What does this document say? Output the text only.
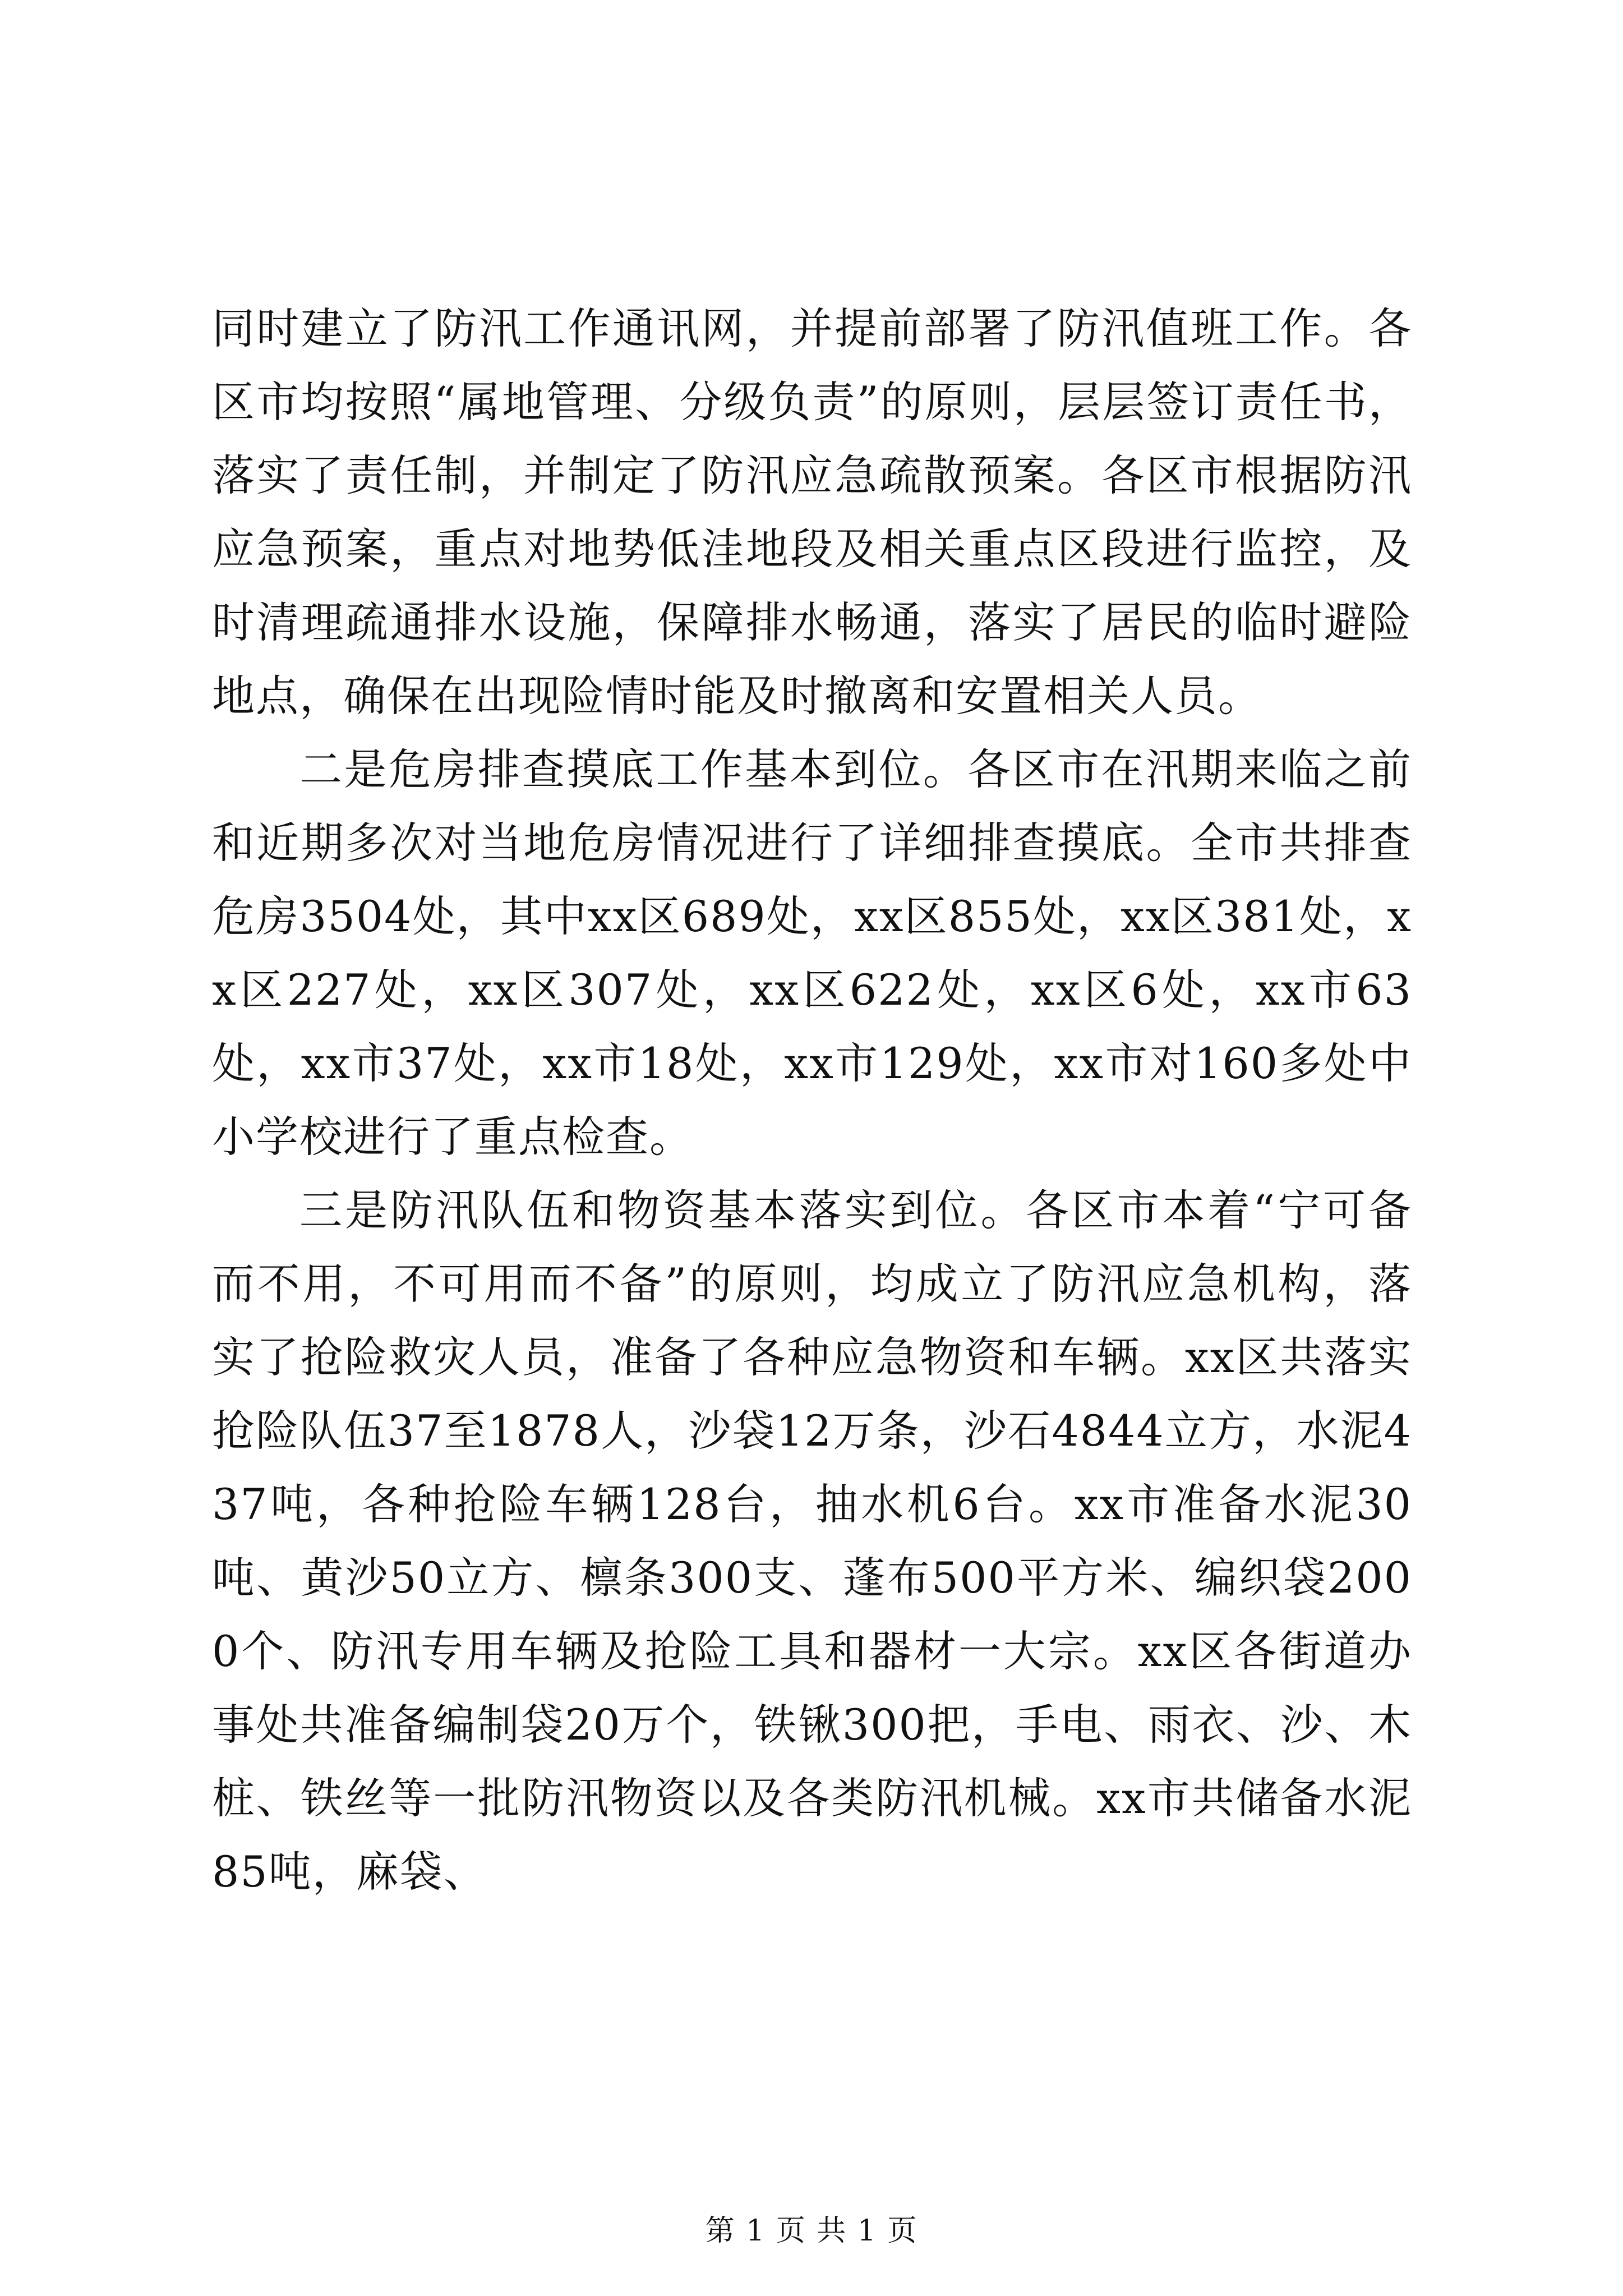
同时建立了防汛工作通讯网，并提前部署了防汛值班工作。各区市均按照“属地管理、分级负责”的原则，层层签订责任书，落实了责任制，并制定了防汛应急疏散预案。各区市根据防汛应急预案，重点对地势低洼地段及相关重点区段进行监控，及时清理疏通排水设施，保障排水畅通，落实了居民的临时避险地点，确保在出现险情时能及时撤离和安置相关人员。

二是危房排查摸底工作基本到位。各区市在汛期来临之前和近期多次对当地危房情况进行了详细排查摸底。全市共排查危房3504处，其中xx区689处，xx区855处，xx区381处，xx区227处，xx区307处，xx区622处，xx区6处，xx市63处，xx市37处，xx市18处，xx市129处，xx市对160多处中小学校进行了重点检查。

三是防汛队伍和物资基本落实到位。各区市本着“宁可备而不用，不可用而不备”的原则，均成立了防汛应急机构，落实了抢险救灾人员，准备了各种应急物资和车辆。xx区共落实抢险队伍37至1878人，沙袋12万条，沙石4844立方，水泥437吨，各种抢险车辆128台，抽水机6台。xx市准备水泥30吨、黄沙50立方、檩条300支、蓬布500平方米、编织袋2000个、防汛专用车辆及抢险工具和器材一大宗。xx区各街道办事处共准备编制袋20万个，铁锹300把，手电、雨衣、沙、木桩、铁丝等一批防汛物资以及各类防汛机械。xx市共储备水泥85吨，麻袋、

第 1 页 共 1 页
